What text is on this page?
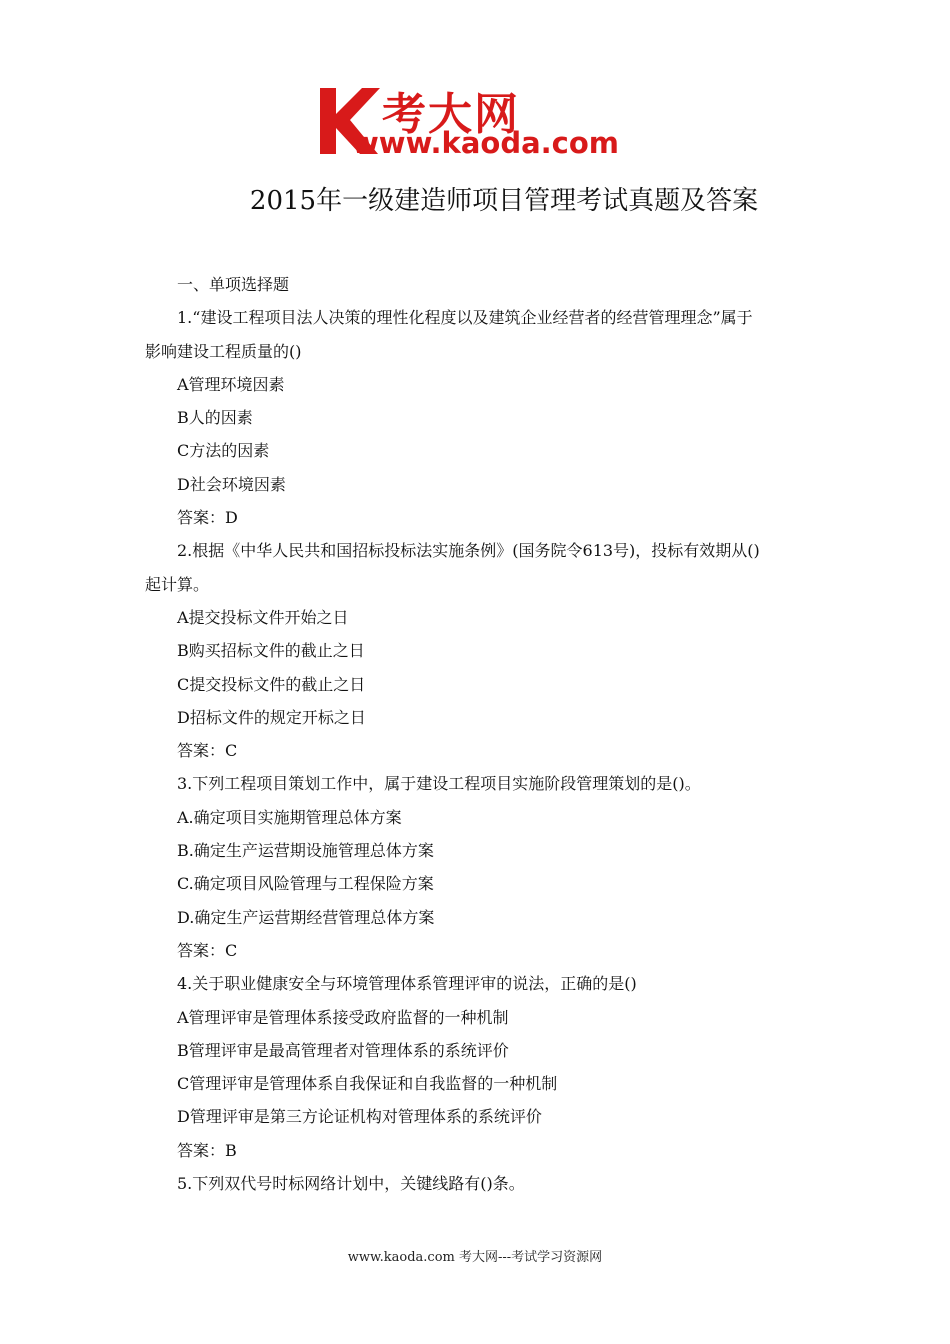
考大网
www.kaoda.com
2015年一级建造师项目管理考试真题及答案
一、单项选择题
1.“建设工程项目法人决策的理性化程度以及建筑企业经营者的经营管理理念”属于
影响建设工程质量的()
A管理环境因素
B人的因素
C方法的因素
D社会环境因素
答案：D
2.根据《中华人民共和国招标投标法实施条例》(国务院令613号)，投标有效期从()
起计算。
A提交投标文件开始之日
B购买招标文件的截止之日
C提交投标文件的截止之日
D招标文件的规定开标之日
答案：C
3.下列工程项目策划工作中，属于建设工程项目实施阶段管理策划的是()。
A.确定项目实施期管理总体方案
B.确定生产运营期设施管理总体方案
C.确定项目风险管理与工程保险方案
D.确定生产运营期经营管理总体方案
答案：C
4.关于职业健康安全与环境管理体系管理评审的说法，正确的是()
A管理评审是管理体系接受政府监督的一种机制
B管理评审是最高管理者对管理体系的系统评价
C管理评审是管理体系自我保证和自我监督的一种机制
D管理评审是第三方论证机构对管理体系的系统评价
答案：B
5.下列双代号时标网络计划中，关键线路有()条。
www.kaoda.com 考大网---考试学习资源网
